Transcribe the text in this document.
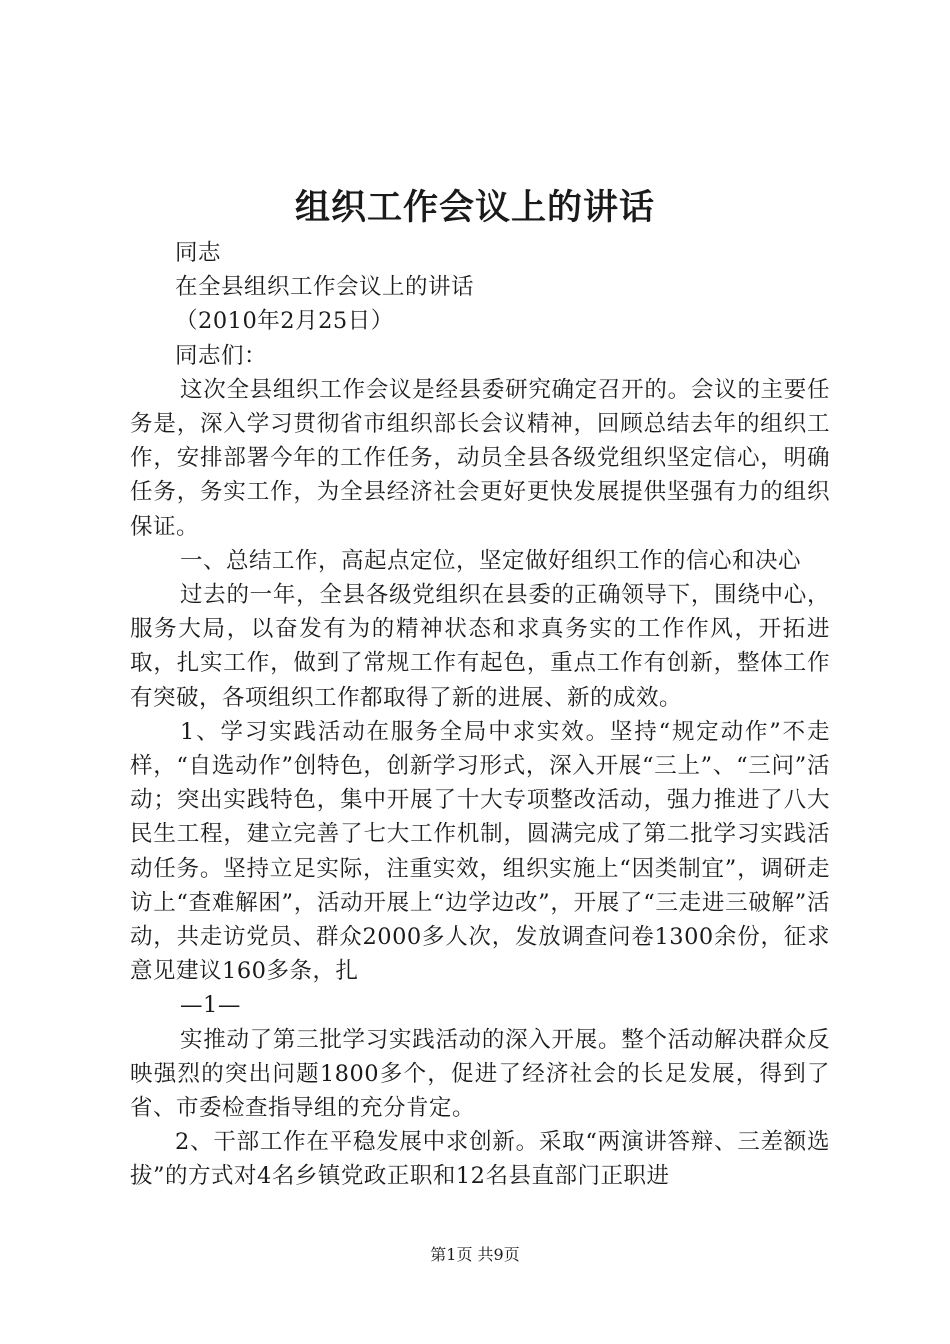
组织工作会议上的讲话

同志

在全县组织工作会议上的讲话

（2010年2月25日）

同志们：

这次全县组织工作会议是经县委研究确定召开的。会议的主要任务是，深入学习贯彻省市组织部长会议精神，回顾总结去年的组织工作，安排部署今年的工作任务，动员全县各级党组织坚定信心，明确任务，务实工作，为全县经济社会更好更快发展提供坚强有力的组织保证。

一、总结工作，高起点定位，坚定做好组织工作的信心和决心

过去的一年，全县各级党组织在县委的正确领导下，围绕中心，服务大局，以奋发有为的精神状态和求真务实的工作作风，开拓进取，扎实工作，做到了常规工作有起色，重点工作有创新，整体工作有突破，各项组织工作都取得了新的进展、新的成效。

1、学习实践活动在服务全局中求实效。坚持“规定动作”不走样，“自选动作”创特色，创新学习形式，深入开展“三上”、“三问”活动；突出实践特色，集中开展了十大专项整改活动，强力推进了八大民生工程，建立完善了七大工作机制，圆满完成了第二批学习实践活动任务。坚持立足实际，注重实效，组织实施上“因类制宜”，调研走访上“查难解困”，活动开展上“边学边改”，开展了“三走进三破解”活动，共走访党员、群众2000多人次，发放调查问卷1300余份，征求意见建议160多条，扎

—1—

实推动了第三批学习实践活动的深入开展。整个活动解决群众反映强烈的突出问题1800多个，促进了经济社会的长足发展，得到了省、市委检查指导组的充分肯定。

2、干部工作在平稳发展中求创新。采取“两演讲答辩、三差额选拔”的方式对4名乡镇党政正职和12名县直部门正职进

第1页 共9页
